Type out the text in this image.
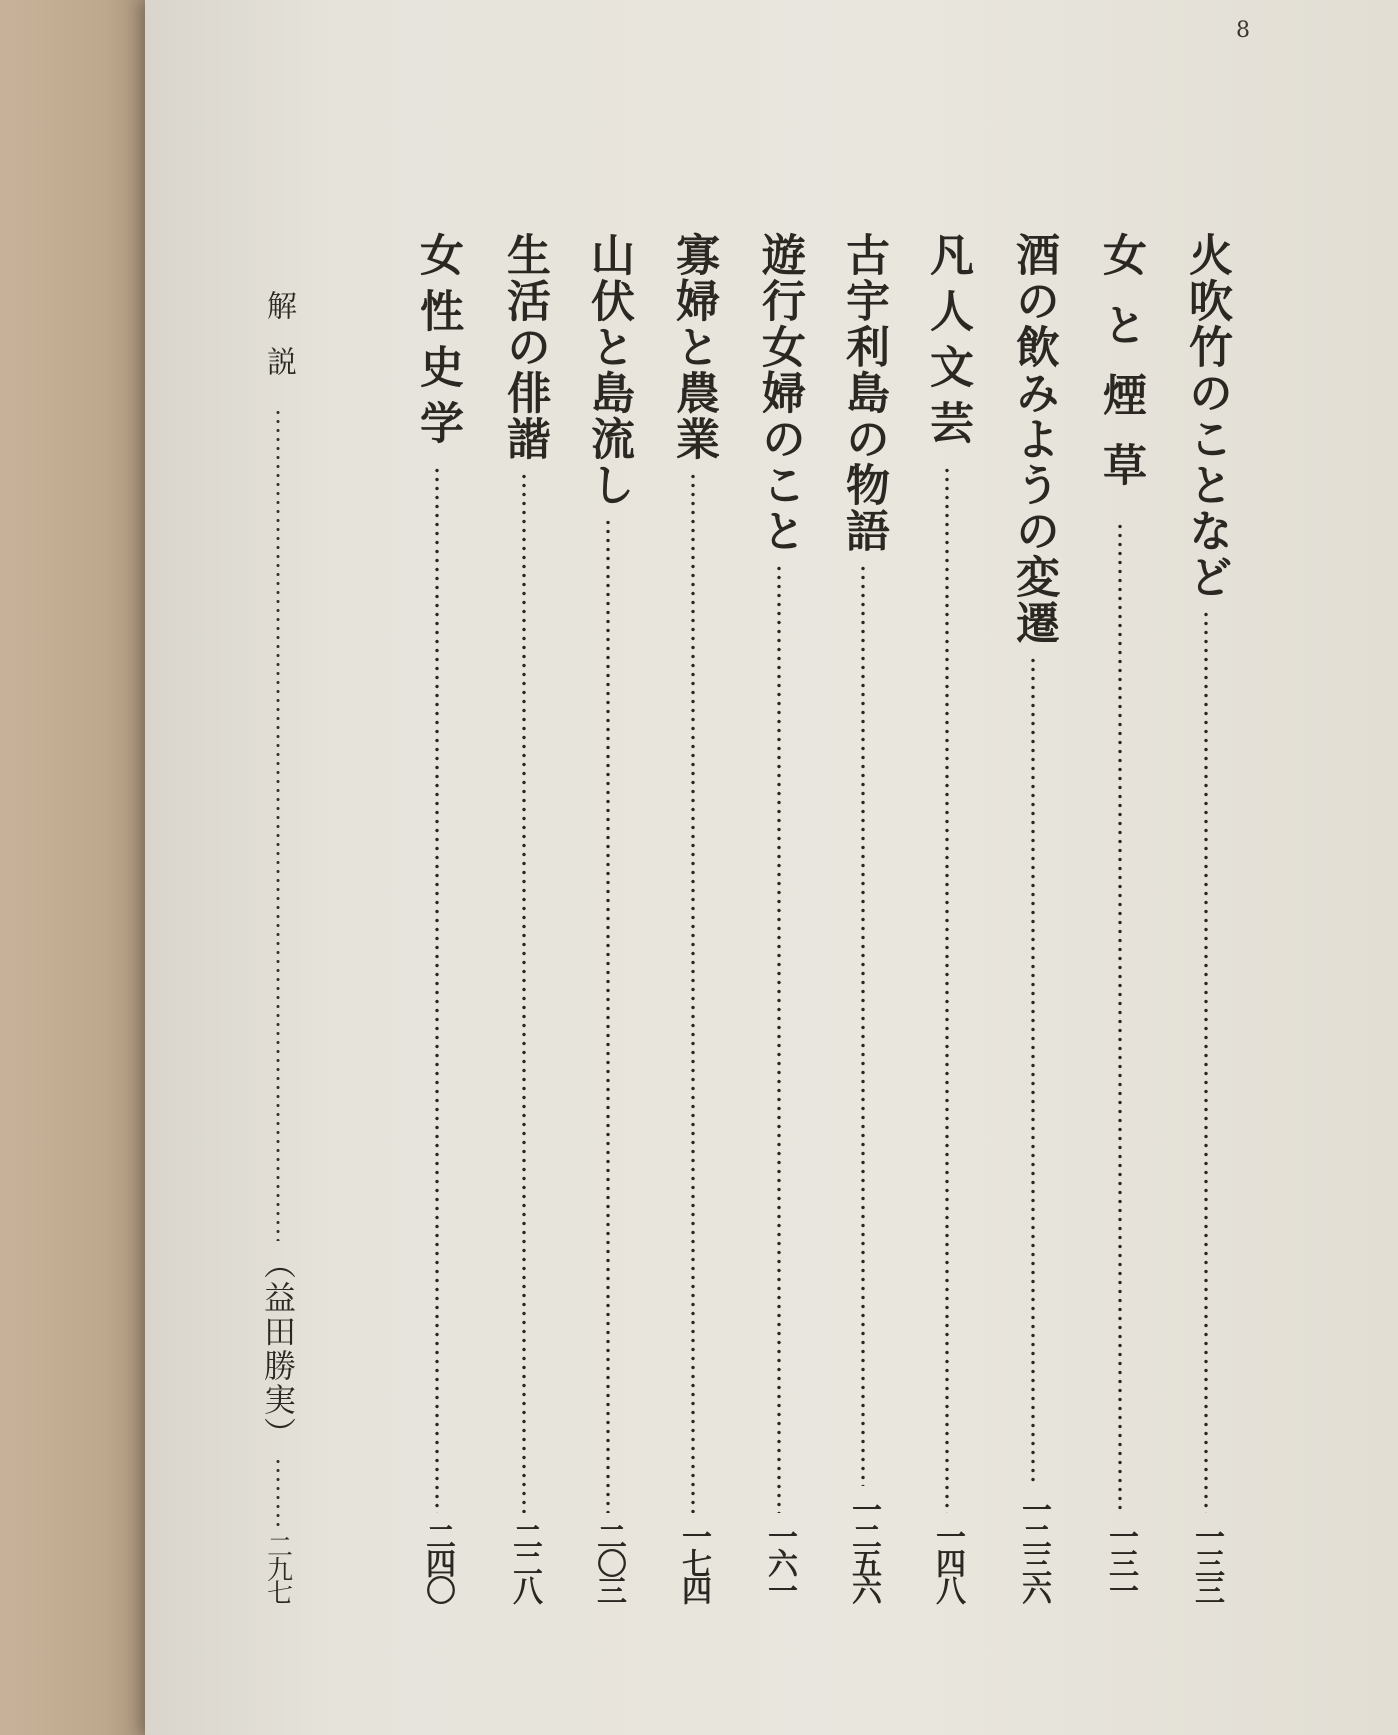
8
火吹竹のことなど
一三三
女と煙草
一三一
酒の飲みようの変遷
一二三六
凡人文芸
一四八
古宇利島の物語
一二五六
遊行女婦のこと
一六一
寡婦と農業
一七四
山伏と島流し
二〇三
生活の俳諧
二二八
女性史学
二四〇
解説
（益田勝実）
二九七
